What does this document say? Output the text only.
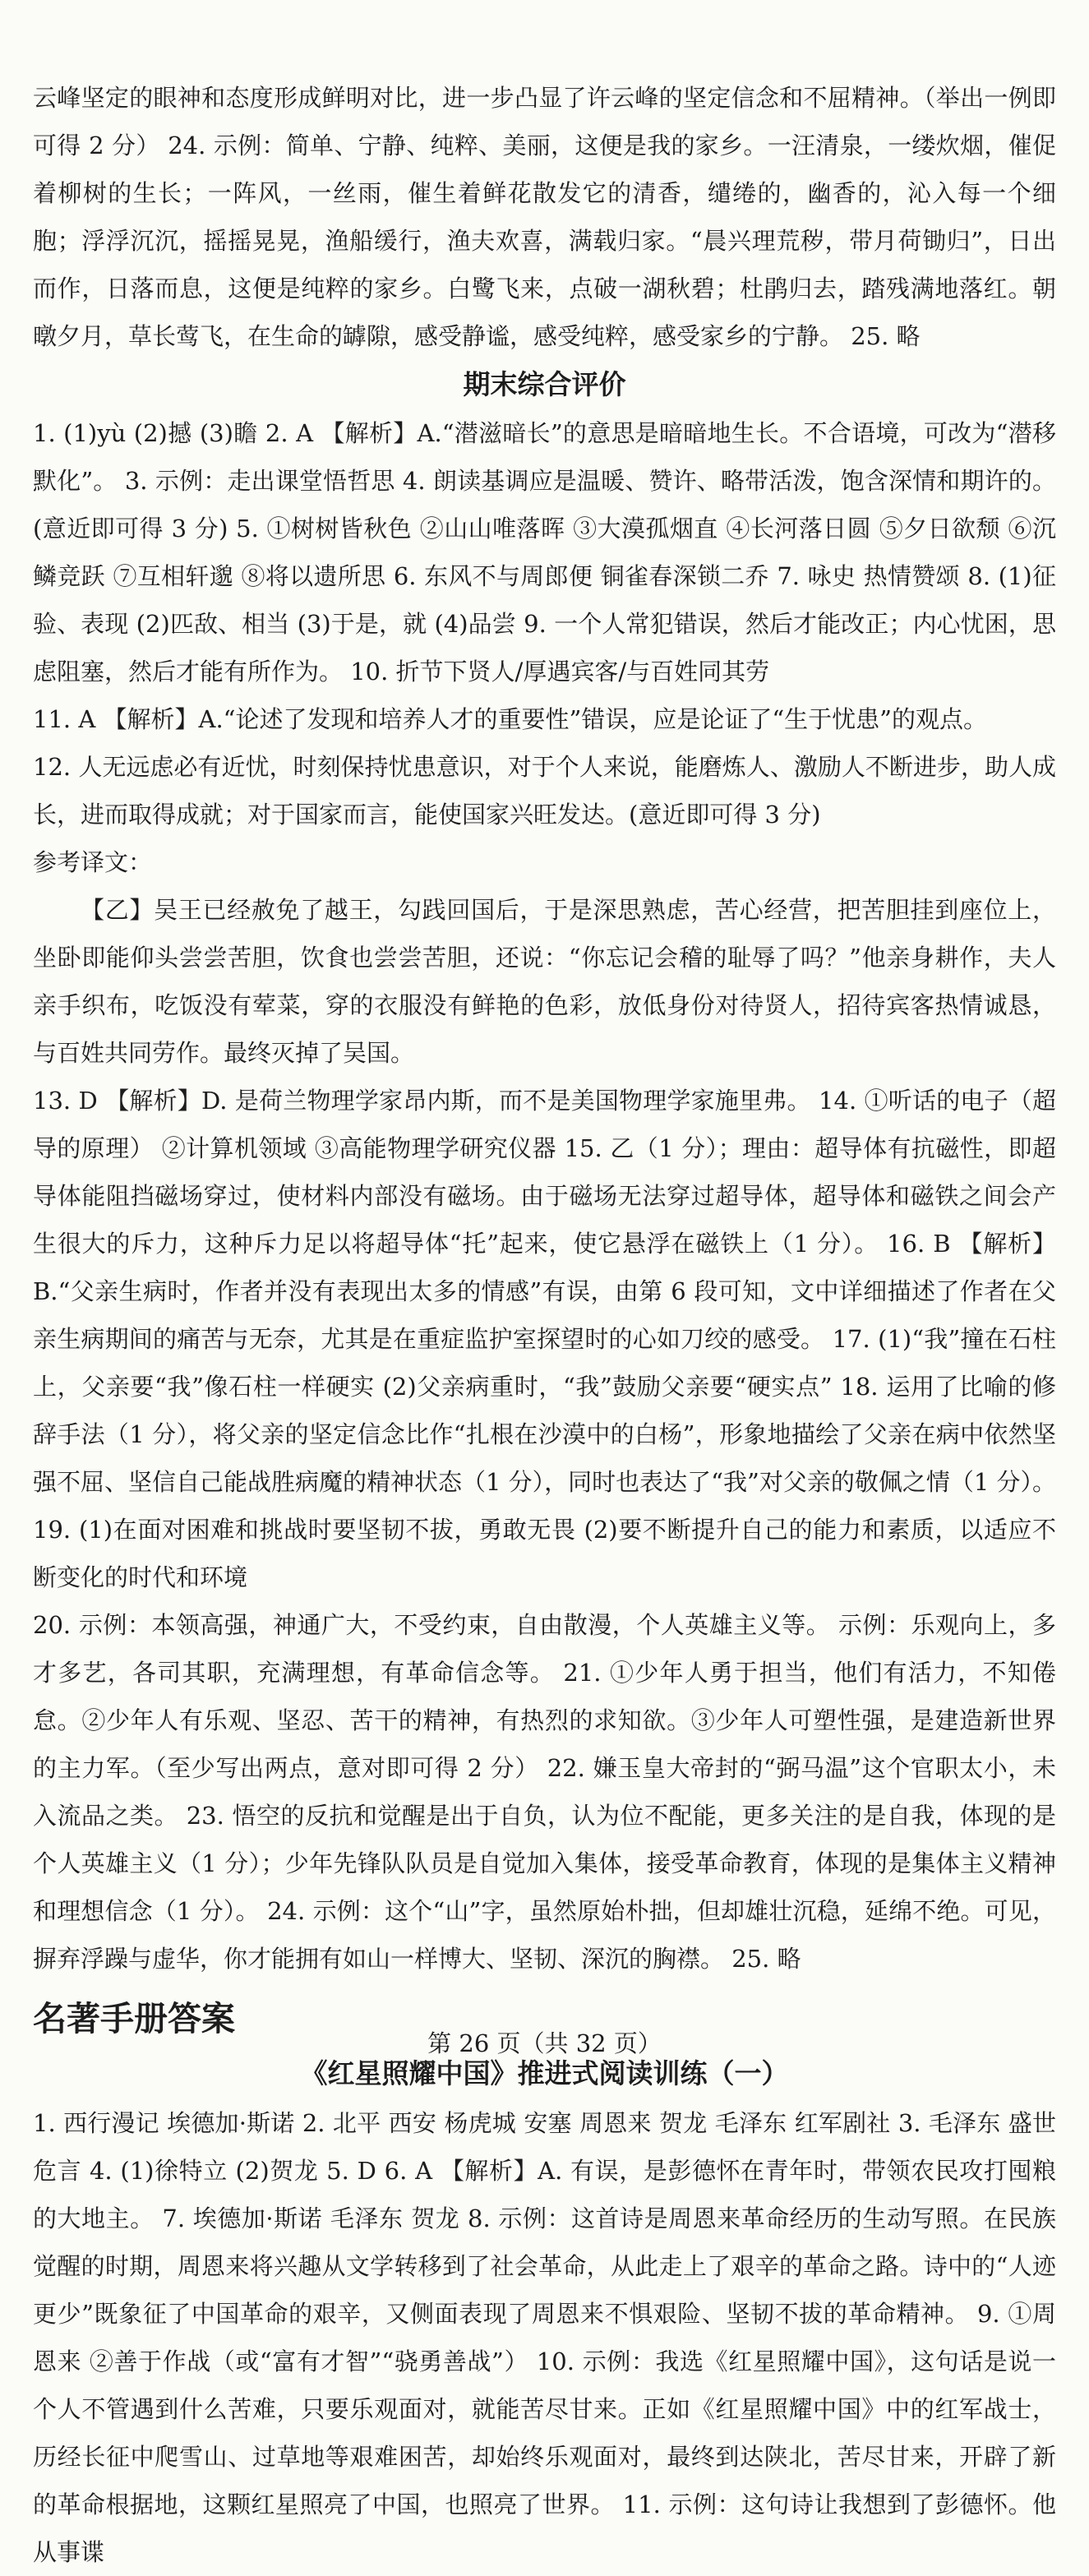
云峰坚定的眼神和态度形成鲜明对比，进一步凸显了许云峰的坚定信念和不屈精神。（举出一例即可得 2 分） 24. 示例：简单、宁静、纯粹、美丽，这便是我的家乡。一汪清泉，一缕炊烟，催促着柳树的生长；一阵风，一丝雨，催生着鲜花散发它的清香，缱绻的，幽香的，沁入每一个细胞；浮浮沉沉，摇摇晃晃，渔船缓行，渔夫欢喜，满载归家。“晨兴理荒秽，带月荷锄归”，日出而作，日落而息，这便是纯粹的家乡。白鹭飞来，点破一湖秋碧；杜鹃归去，踏残满地落红。朝暾夕月，草长莺飞，在生命的罅隙，感受静谧，感受纯粹，感受家乡的宁静。 25. 略

期末综合评价

1. (1)yù (2)撼 (3)瞻 2. A 【解析】A.“潜滋暗长”的意思是暗暗地生长。不合语境，可改为“潜移默化”。 3. 示例：走出课堂悟哲思 4. 朗读基调应是温暖、赞许、略带活泼，饱含深情和期许的。(意近即可得 3 分) 5. ①树树皆秋色 ②山山唯落晖 ③大漠孤烟直 ④长河落日圆 ⑤夕日欲颓 ⑥沉鳞竞跃 ⑦互相轩邈 ⑧将以遗所思 6. 东风不与周郎便 铜雀春深锁二乔 7. 咏史 热情赞颂 8. (1)征验、表现 (2)匹敌、相当 (3)于是，就 (4)品尝 9. 一个人常犯错误，然后才能改正；内心忧困，思虑阻塞，然后才能有所作为。 10. 折节下贤人/厚遇宾客/与百姓同其劳

11. A 【解析】A.“论述了发现和培养人才的重要性”错误，应是论证了“生于忧患”的观点。

12. 人无远虑必有近忧，时刻保持忧患意识，对于个人来说，能磨炼人、激励人不断进步，助人成长，进而取得成就；对于国家而言，能使国家兴旺发达。(意近即可得 3 分)

参考译文：

【乙】吴王已经赦免了越王，勾践回国后，于是深思熟虑，苦心经营，把苦胆挂到座位上，坐卧即能仰头尝尝苦胆，饮食也尝尝苦胆，还说：“你忘记会稽的耻辱了吗？”他亲身耕作，夫人亲手织布，吃饭没有荤菜，穿的衣服没有鲜艳的色彩，放低身份对待贤人，招待宾客热情诚恳，与百姓共同劳作。最终灭掉了吴国。

13. D 【解析】D. 是荷兰物理学家昂内斯，而不是美国物理学家施里弗。 14. ①听话的电子（超导的原理） ②计算机领域 ③高能物理学研究仪器 15. 乙（1 分）；理由：超导体有抗磁性，即超导体能阻挡磁场穿过，使材料内部没有磁场。由于磁场无法穿过超导体，超导体和磁铁之间会产生很大的斥力，这种斥力足以将超导体“托”起来，使它悬浮在磁铁上（1 分）。 16. B 【解析】B.“父亲生病时，作者并没有表现出太多的情感”有误，由第 6 段可知，文中详细描述了作者在父亲生病期间的痛苦与无奈，尤其是在重症监护室探望时的心如刀绞的感受。 17. (1)“我”撞在石柱上，父亲要“我”像石柱一样硬实 (2)父亲病重时，“我”鼓励父亲要“硬实点” 18. 运用了比喻的修辞手法（1 分），将父亲的坚定信念比作“扎根在沙漠中的白杨”，形象地描绘了父亲在病中依然坚强不屈、坚信自己能战胜病魔的精神状态（1 分），同时也表达了“我”对父亲的敬佩之情（1 分）。 19. (1)在面对困难和挑战时要坚韧不拔，勇敢无畏 (2)要不断提升自己的能力和素质，以适应不断变化的时代和环境

20. 示例：本领高强，神通广大，不受约束，自由散漫，个人英雄主义等。 示例：乐观向上，多才多艺，各司其职，充满理想，有革命信念等。 21. ①少年人勇于担当，他们有活力，不知倦怠。②少年人有乐观、坚忍、苦干的精神，有热烈的求知欲。③少年人可塑性强，是建造新世界的主力军。（至少写出两点，意对即可得 2 分） 22. 嫌玉皇大帝封的“弼马温”这个官职太小，未入流品之类。 23. 悟空的反抗和觉醒是出于自负，认为位不配能，更多关注的是自我，体现的是个人英雄主义（1 分）；少年先锋队队员是自觉加入集体，接受革命教育，体现的是集体主义精神和理想信念（1 分）。 24. 示例：这个“山”字，虽然原始朴拙，但却雄壮沉稳，延绵不绝。可见，摒弃浮躁与虚华，你才能拥有如山一样博大、坚韧、深沉的胸襟。 25. 略

名著手册答案
《红星照耀中国》推进式阅读训练（一）

1. 西行漫记 埃德加·斯诺 2. 北平 西安 杨虎城 安塞 周恩来 贺龙 毛泽东 红军剧社 3. 毛泽东 盛世危言 4. (1)徐特立 (2)贺龙 5. D 6. A 【解析】A. 有误，是彭德怀在青年时，带领农民攻打囤粮的大地主。 7. 埃德加·斯诺 毛泽东 贺龙 8. 示例：这首诗是周恩来革命经历的生动写照。在民族觉醒的时期，周恩来将兴趣从文学转移到了社会革命，从此走上了艰辛的革命之路。诗中的“人迹更少”既象征了中国革命的艰辛，又侧面表现了周恩来不惧艰险、坚韧不拔的革命精神。 9. ①周恩来 ②善于作战（或“富有才智”“骁勇善战”） 10. 示例：我选《红星照耀中国》，这句话是说一个人不管遇到什么苦难，只要乐观面对，就能苦尽甘来。正如《红星照耀中国》中的红军战士，历经长征中爬雪山、过草地等艰难困苦，却始终乐观面对，最终到达陕北，苦尽甘来，开辟了新的革命根据地，这颗红星照亮了中国，也照亮了世界。 11. 示例：这句诗让我想到了彭德怀。他从事谍

第 26 页（共 32 页）
